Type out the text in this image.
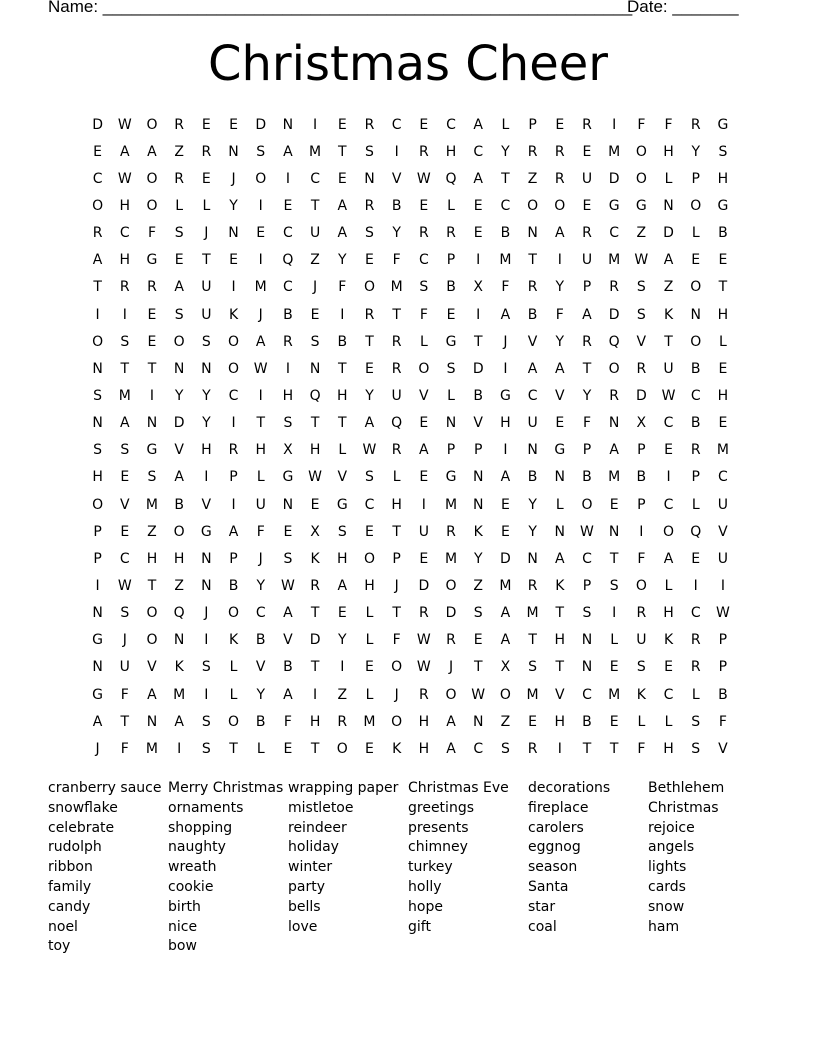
Name: ________________________________________________________
Date: _______
Christmas Cheer
D	W	O	R	E	E	D	N	I	E	R	C	E	C	A	L	P	E	R	I	F	F	R	G
E	A	A	Z	R	N	S	A	M	T	S	I	R	H	C	Y	R	R	E	M	O	H	Y	S
C	W	O	R	E	J	O	I	C	E	N	V	W	Q	A	T	Z	R	U	D	O	L	P	H
O	H	O	L	L	Y	I	E	T	A	R	B	E	L	E	C	O	O	E	G	G	N	O	G
R	C	F	S	J	N	E	C	U	A	S	Y	R	R	E	B	N	A	R	C	Z	D	L	B
A	H	G	E	T	E	I	Q	Z	Y	E	F	C	P	I	M	T	I	U	M	W	A	E	E
T	R	R	A	U	I	M	C	J	F	O	M	S	B	X	F	R	Y	P	R	S	Z	O	T
I	I	E	S	U	K	J	B	E	I	R	T	F	E	I	A	B	F	A	D	S	K	N	H
O	S	E	O	S	O	A	R	S	B	T	R	L	G	T	J	V	Y	R	Q	V	T	O	L
N	T	T	N	N	O	W	I	N	T	E	R	O	S	D	I	A	A	T	O	R	U	B	E
S	M	I	Y	Y	C	I	H	Q	H	Y	U	V	L	B	G	C	V	Y	R	D	W	C	H
N	A	N	D	Y	I	T	S	T	T	A	Q	E	N	V	H	U	E	F	N	X	C	B	E
S	S	G	V	H	R	H	X	H	L	W	R	A	P	P	I	N	G	P	A	P	E	R	M
H	E	S	A	I	P	L	G	W	V	S	L	E	G	N	A	B	N	B	M	B	I	P	C
O	V	M	B	V	I	U	N	E	G	C	H	I	M	N	E	Y	L	O	E	P	C	L	U
P	E	Z	O	G	A	F	E	X	S	E	T	U	R	K	E	Y	N	W	N	I	O	Q	V
P	C	H	H	N	P	J	S	K	H	O	P	E	M	Y	D	N	A	C	T	F	A	E	U
I	W	T	Z	N	B	Y	W	R	A	H	J	D	O	Z	M	R	K	P	S	O	L	I	I
N	S	O	Q	J	O	C	A	T	E	L	T	R	D	S	A	M	T	S	I	R	H	C	W
G	J	O	N	I	K	B	V	D	Y	L	F	W	R	E	A	T	H	N	L	U	K	R	P
N	U	V	K	S	L	V	B	T	I	E	O	W	J	T	X	S	T	N	E	S	E	R	P
G	F	A	M	I	L	Y	A	I	Z	L	J	R	O	W	O	M	V	C	M	K	C	L	B
A	T	N	A	S	O	B	F	H	R	M	O	H	A	N	Z	E	H	B	E	L	L	S	F
J	F	M	I	S	T	L	E	T	O	E	K	H	A	C	S	R	I	T	T	F	H	S	V
cranberry sauce
snowflake
celebrate
rudolph
ribbon
family
candy
noel
toy
Merry Christmas
ornaments
shopping
naughty
wreath
cookie
birth
nice
bow
wrapping paper
mistletoe
reindeer
holiday
winter
party
bells
love
Christmas Eve
greetings
presents
chimney
turkey
holly
hope
gift
decorations
fireplace
carolers
eggnog
season
Santa
star
coal
Bethlehem
Christmas
rejoice
angels
lights
cards
snow
ham
